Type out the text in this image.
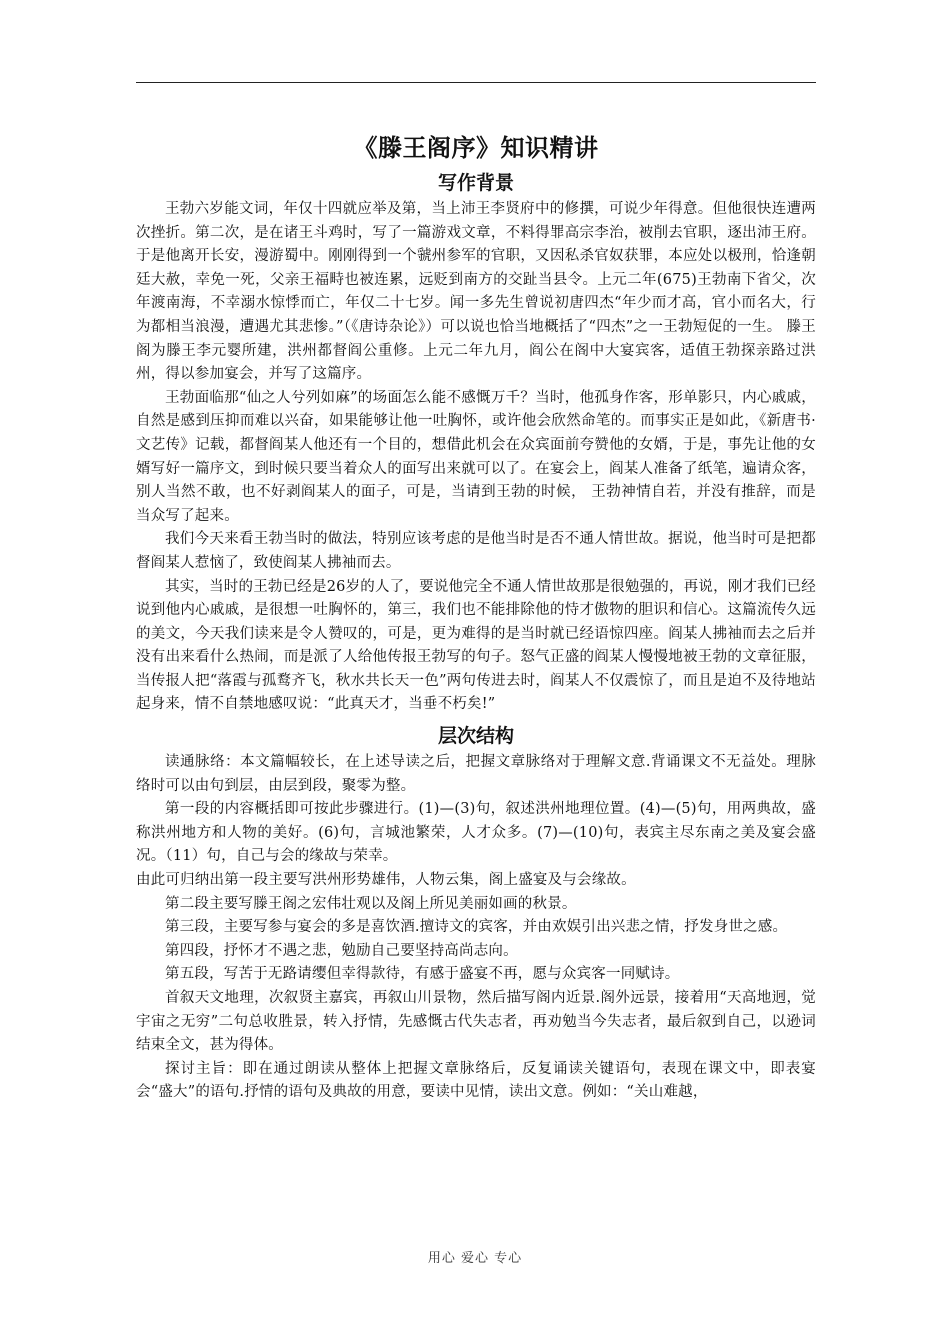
《滕王阁序》知识精讲
写作背景

王勃六岁能文词，年仅十四就应举及第，当上沛王李贤府中的修撰，可说少年得意。但他很快连遭两次挫折。第二次，是在诸王斗鸡时，写了一篇游戏文章，不料得罪高宗李治，被削去官职，逐出沛王府。于是他离开长安，漫游蜀中。刚刚得到一个虢州参军的官职，又因私杀官奴获罪，本应处以极刑，恰逢朝廷大赦，幸免一死，父亲王福畤也被连累，远贬到南方的交趾当县令。上元二年(675)王勃南下省父，次年渡南海，不幸溺水惊悸而亡，年仅二十七岁。闻一多先生曾说初唐四杰“年少而才高，官小而名大，行为都相当浪漫，遭遇尤其悲惨。”（《唐诗杂论》）可以说也恰当地概括了“四杰”之一王勃短促的一生。 滕王阁为滕王李元婴所建，洪州都督阎公重修。上元二年九月，阎公在阁中大宴宾客，适值王勃探亲路过洪州，得以参加宴会，并写了这篇序。

王勃面临那“仙之人兮列如麻”的场面怎么能不感慨万千？当时，他孤身作客，形单影只，内心戚戚，自然是感到压抑而难以兴奋，如果能够让他一吐胸怀，或许他会欣然命笔的。而事实正是如此，《新唐书·文艺传》记载，都督阎某人他还有一个目的，想借此机会在众宾面前夸赞他的女婿，于是，事先让他的女婿写好一篇序文，到时候只要当着众人的面写出来就可以了。在宴会上，阎某人准备了纸笔，遍请众客，别人当然不敢，也不好剥阎某人的面子，可是，当请到王勃的时候， 王勃神情自若，并没有推辞，而是当众写了起来。

我们今天来看王勃当时的做法，特别应该考虑的是他当时是否不通人情世故。据说，他当时可是把都督阎某人惹恼了，致使阎某人拂袖而去。

其实，当时的王勃已经是26岁的人了，要说他完全不通人情世故那是很勉强的，再说，刚才我们已经说到他内心戚戚，是很想一吐胸怀的，第三，我们也不能排除他的恃才傲物的胆识和信心。这篇流传久远的美文，今天我们读来是令人赞叹的，可是，更为难得的是当时就已经语惊四座。阎某人拂袖而去之后并没有出来看什么热闹，而是派了人给他传报王勃写的句子。怒气正盛的阎某人慢慢地被王勃的文章征服，当传报人把“落霞与孤鹜齐飞，秋水共长天一色”两句传进去时，阎某人不仅震惊了，而且是迫不及待地站起身来，情不自禁地感叹说：“此真天才，当垂不朽矣!”

层次结构

读通脉络：本文篇幅较长，在上述导读之后，把握文章脉络对于理解文意.背诵课文不无益处。理脉络时可以由句到层，由层到段，聚零为整。

第一段的内容概括即可按此步骤进行。(1)—(3)句，叙述洪州地理位置。(4)—(5)句，用两典故，盛称洪州地方和人物的美好。(6)句，言城池繁荣，人才众多。(7)—(10)句，表宾主尽东南之美及宴会盛况。（11）句，自己与会的缘故与荣幸。

由此可归纳出第一段主要写洪州形势雄伟，人物云集，阁上盛宴及与会缘故。

第二段主要写滕王阁之宏伟壮观以及阁上所见美丽如画的秋景。

第三段，主要写参与宴会的多是喜饮酒.擅诗文的宾客，并由欢娱引出兴悲之情，抒发身世之感。

第四段，抒怀才不遇之悲，勉励自己要坚持高尚志向。

第五段，写苦于无路请缨但幸得款待，有感于盛宴不再，愿与众宾客一同赋诗。

首叙天文地理，次叙贤主嘉宾，再叙山川景物，然后描写阁内近景.阁外远景，接着用“天高地迥，觉宇宙之无穷”二句总收胜景，转入抒情，先感慨古代失志者，再劝勉当今失志者，最后叙到自己，以逊词结束全文，甚为得体。

探讨主旨：即在通过朗读从整体上把握文章脉络后，反复诵读关键语句，表现在课文中，即表宴会“盛大”的语句.抒情的语句及典故的用意，要读中见情，读出文意。例如：“关山难越，

用心 爱心 专心
